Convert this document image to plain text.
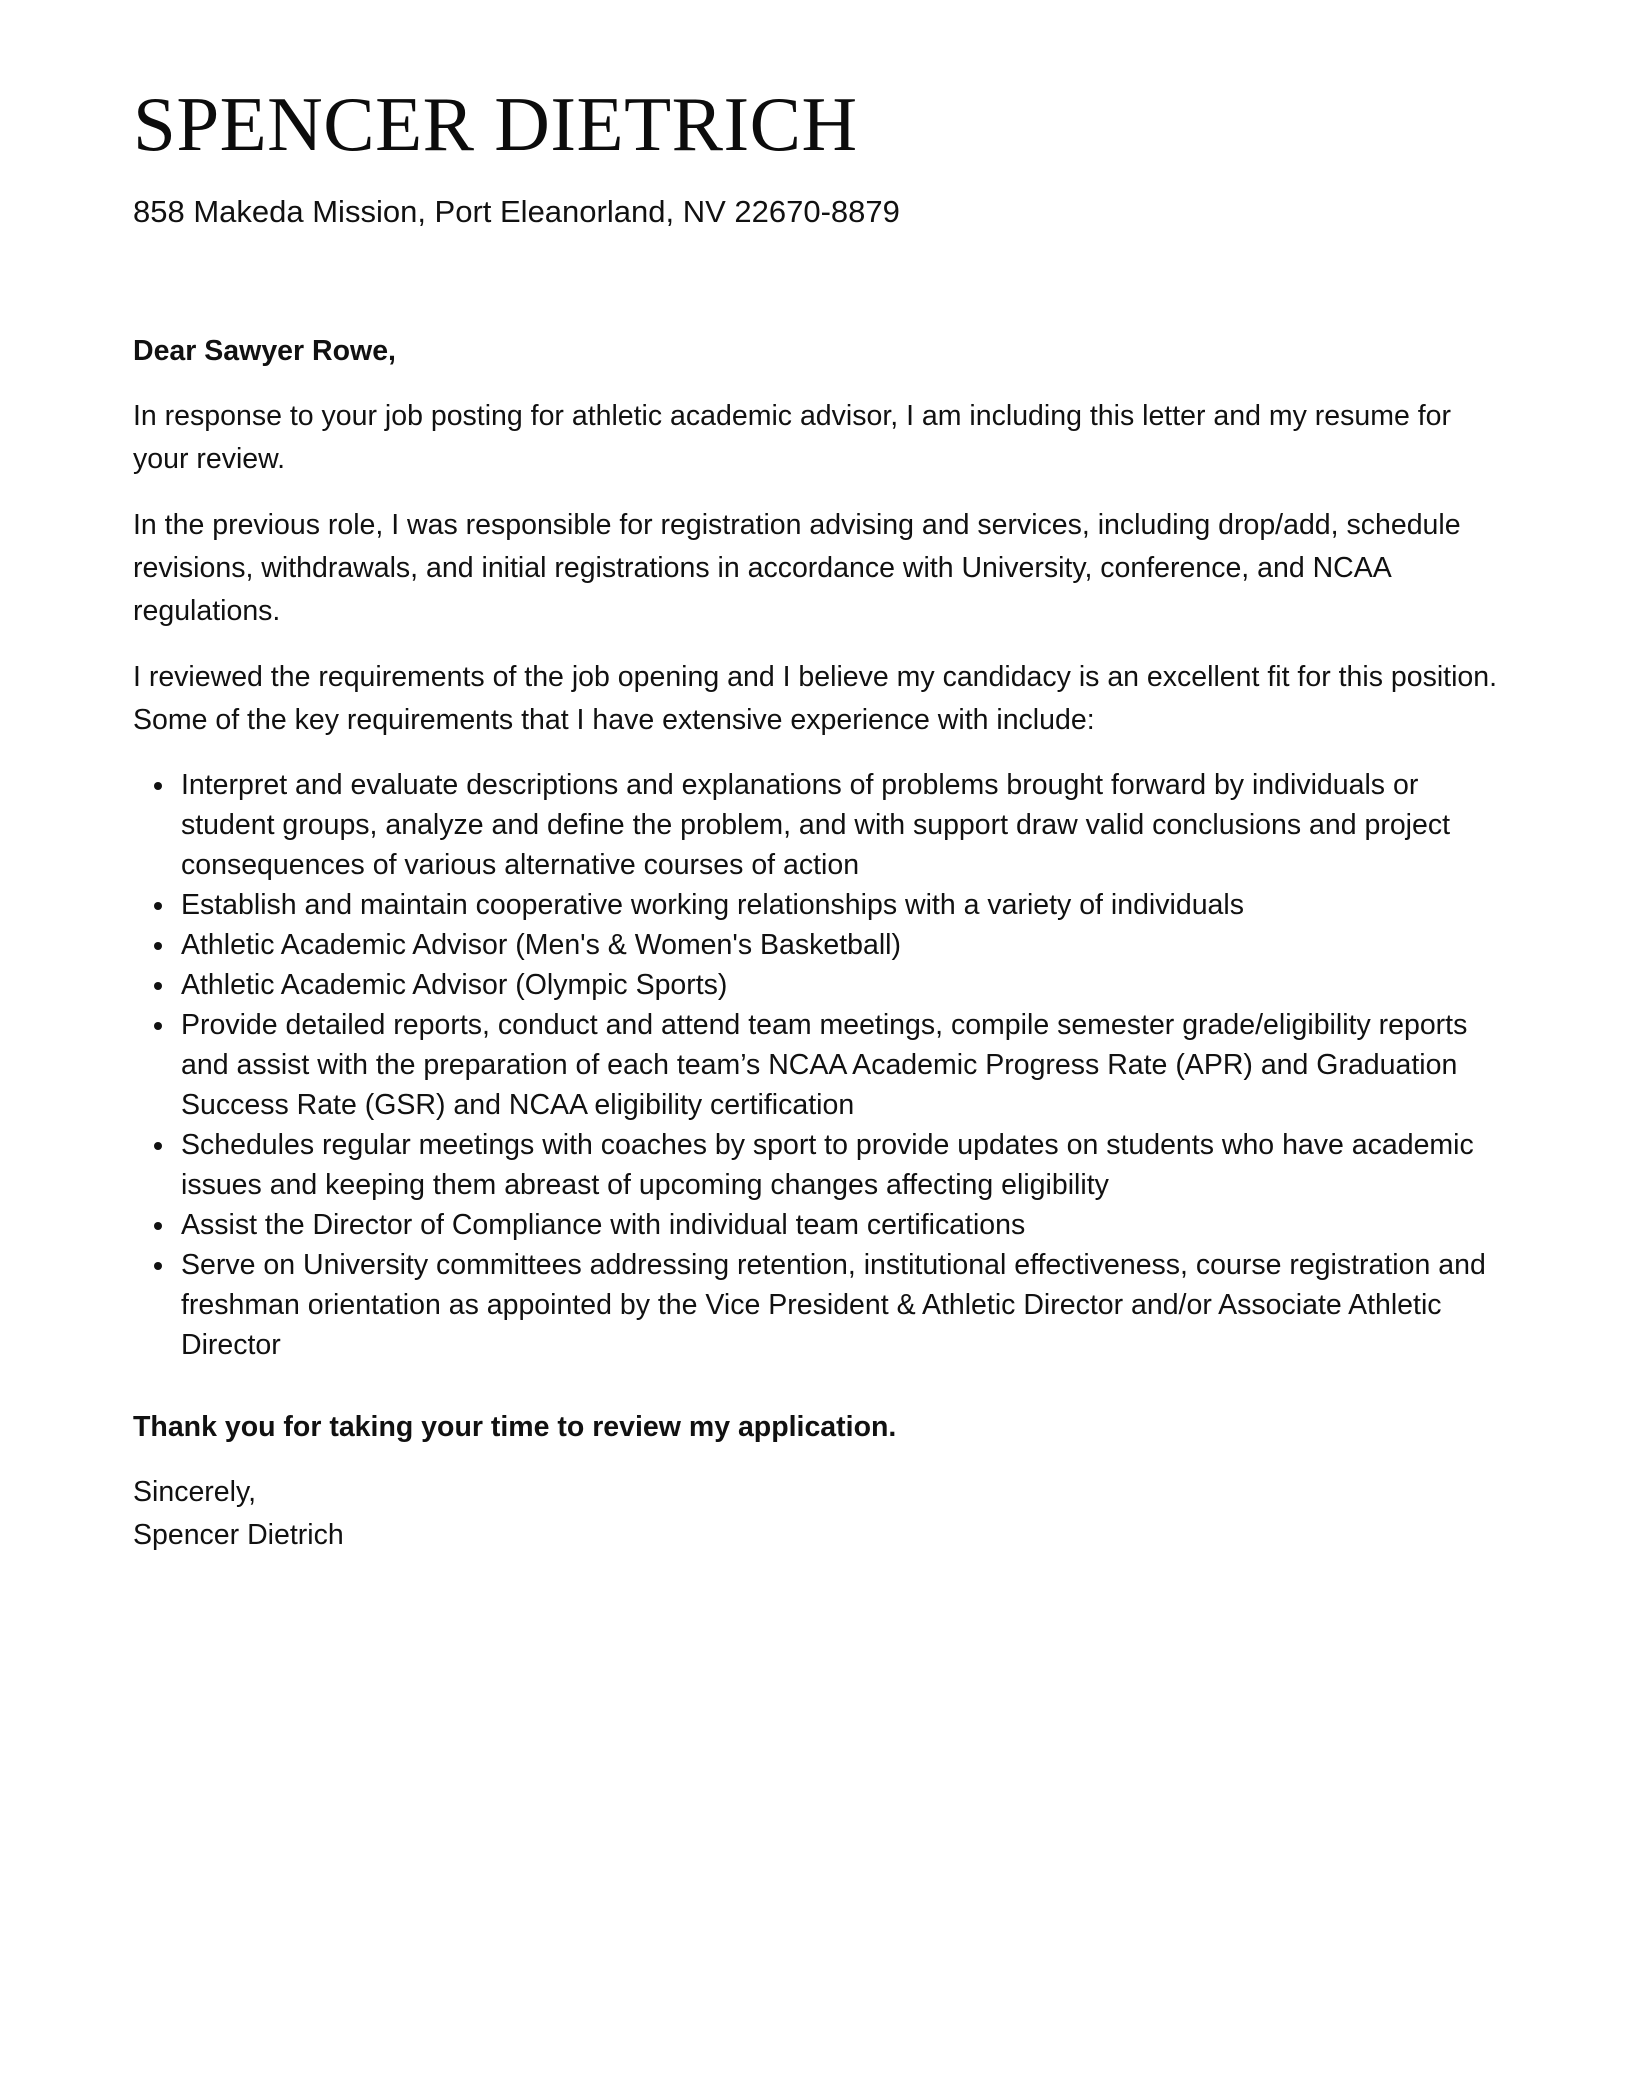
SPENCER DIETRICH

858 Makeda Mission, Port Eleanorland, NV 22670-8879

Dear Sawyer Rowe,

In response to your job posting for athletic academic advisor, I am including this letter and my resume for your review.

In the previous role, I was responsible for registration advising and services, including drop/add, schedule revisions, withdrawals, and initial registrations in accordance with University, conference, and NCAA regulations.

I reviewed the requirements of the job opening and I believe my candidacy is an excellent fit for this position. Some of the key requirements that I have extensive experience with include:

Interpret and evaluate descriptions and explanations of problems brought forward by individuals or student groups, analyze and define the problem, and with support draw valid conclusions and project consequences of various alternative courses of action
Establish and maintain cooperative working relationships with a variety of individuals
Athletic Academic Advisor (Men's & Women's Basketball)
Athletic Academic Advisor (Olympic Sports)
Provide detailed reports, conduct and attend team meetings, compile semester grade/eligibility reports and assist with the preparation of each team’s NCAA Academic Progress Rate (APR) and Graduation Success Rate (GSR) and NCAA eligibility certification
Schedules regular meetings with coaches by sport to provide updates on students who have academic issues and keeping them abreast of upcoming changes affecting eligibility
Assist the Director of Compliance with individual team certifications
Serve on University committees addressing retention, institutional effectiveness, course registration and freshman orientation as appointed by the Vice President & Athletic Director and/or Associate Athletic Director

Thank you for taking your time to review my application.

Sincerely,
Spencer Dietrich
